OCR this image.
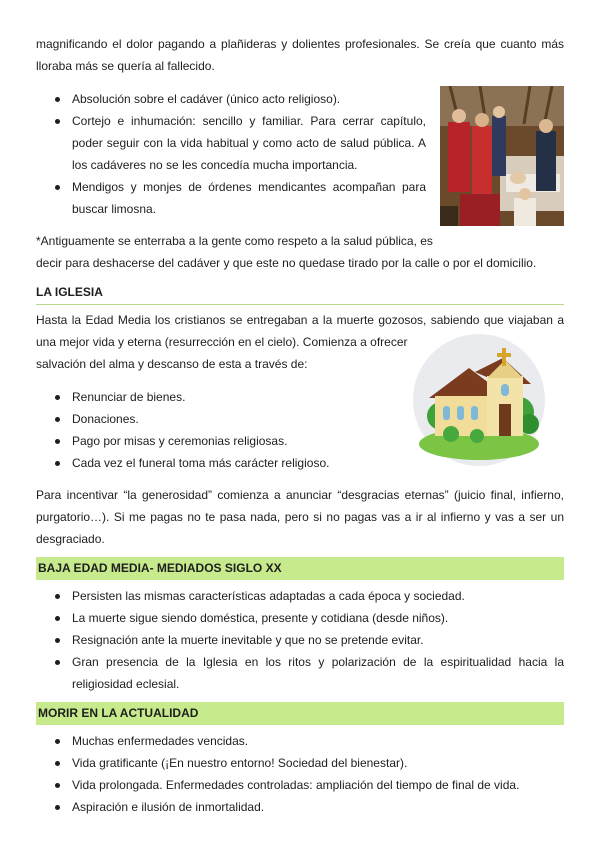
magnificando el dolor pagando a plañideras y dolientes profesionales. Se creía que cuanto más lloraba más se quería al fallecido.

Absolución sobre el cadáver (único acto religioso).
Cortejo e inhumación: sencillo y familiar. Para cerrar capítulo, poder seguir con la vida habitual y como acto de salud pública. A los cadáveres no se les concedía mucha importancia.
Mendigos y monjes de órdenes mendicantes acompañan para buscar limosna.

*Antiguamente se enterraba a la gente como respeto a la salud pública, es

decir para deshacerse del cadáver y que este no quedase tirado por la calle o por el domicilio.

LA IGLESIA

Hasta la Edad Media los cristianos se entregaban a la muerte gozosos, sabiendo que viajaban a una mejor vida y eterna (resurrección en el cielo). Comienza a ofrecer

salvación del alma y descanso de esta a través de:

Renunciar de bienes.
Donaciones.
Pago por misas y ceremonias religiosas.
Cada vez el funeral toma más carácter religioso.

Para incentivar “la generosidad” comienza a anunciar “desgracias eternas” (juicio final, infierno, purgatorio…). Si me pagas no te pasa nada, pero si no pagas vas a ir al infierno y vas a ser un desgraciado.

BAJA EDAD MEDIA- MEDIADOS SIGLO XX
Persisten las mismas características adaptadas a cada época y sociedad.
La muerte sigue siendo doméstica, presente y cotidiana (desde niños).
Resignación ante la muerte inevitable y que no se pretende evitar.
Gran presencia de la Iglesia en los ritos y polarización de la espiritualidad hacia la religiosidad eclesial.
MORIR EN LA ACTUALIDAD
Muchas enfermedades vencidas.
Vida gratificante (¡En nuestro entorno! Sociedad del bienestar).
Vida prolongada. Enfermedades controladas: ampliación del tiempo de final de vida.
Aspiración e ilusión de inmortalidad.
